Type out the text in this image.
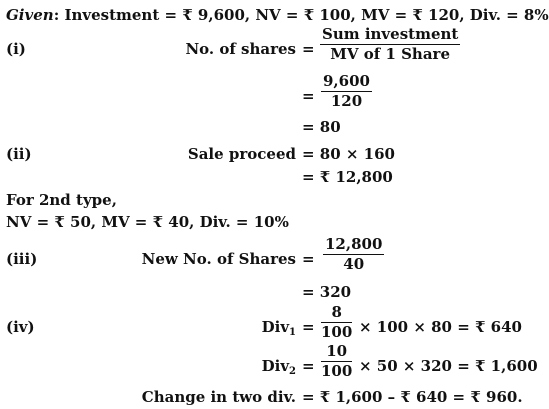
Given: Investment = ₹ 9,600, NV = ₹ 100, MV = ₹ 120, Div. = 8%
(i)	No. of shares =
Sum investment
MV of 1 Share
= $\frac{9,600}{120}$
= 80
(ii)	Sale proceed = 80 × 160
= ₹ 12,800
For 2nd type,
NV = ₹ 50, MV = ₹ 40, Div. = 10%
(iii)	New No. of Shares = $\frac{12,800}{40}$
= 320
(iv)	$Div_1 = \frac{8}{100} \times 100 \times 80$ = ₹ 640
$Div_2 = \frac{10}{100} \times 50 \times 320$ = ₹ 1,600
Change in two div. = ₹ 1,600 – ₹ 640 = ₹ 960.
